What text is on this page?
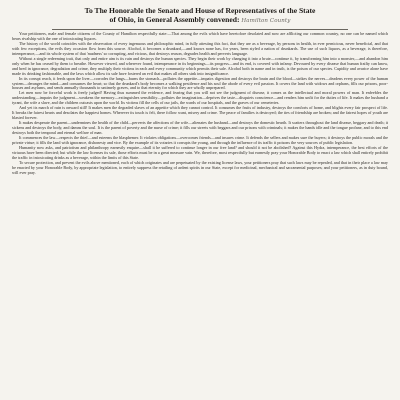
To The Honorable the Senate and House of Representatives of the State
of Ohio, in General Assembly convened: Hamilton County

Your petitioners, male and female citizens of the County of Hamilton respectfully state:—That among the evils which have heretofore desolated and now are afflicting our common country, no one can be named which bears rivalship with the one of intoxicating liquors.

The history of the world coincides with the observation of every ingenuous and philosophic mind, in fully attesting this fact, that they are as a beverage, by persons in health, in ever pernicious, never beneficial, and that with few exceptions, the evils they occasion flow from this source. Alcohol, it becomes a drunkard,—and knows none has, for years, been styled a nation of drunkards. The use of such liquors, as a beverage, is therefore, intemperance,—and its whole system of that 'madness' so corrupting, and vicious, that destroys reason, degrades health and perverts language.

Without a single redeeming trait, that only and entire aim is its ruin and destroys the human species. They begin their work by changing it into a brute—continue it, by transforming him into a monster,—and abandon him only when he has ceased by them to breathe. However viewed, and wherever found, intemperance in its beginnings—its progress—and its end, is covered with infamy. Devoured by every disease that human frailty can know, and bred in ignorance, degradation and crime, they multiply their victims in each and every community which permits their sale. Alcohol both in name and in truth, is the poison of our species. Cupidity and avarice alone have made its drinking fashionable, and the laws which allow its sale have fostered an evil that makes all others sink into insignificance.

In its corrupt reach, it feeds upon the liver—corrodes the lungs—burns the stomach—pollutes the appetite—impairs digestion and destroys the brain and the blood—strikes the nerves—deadens every power of the human system—deranges the mind—and consumes the heart; so that the drunkard's body becomes a walking pestilence and his soul the abode of every evil passion. It covers the land with widows and orphans, fills our prisons, poor-houses and asylums, and sends annually thousands to untimely graves, and to that eternity for which they are wholly unprepared.

Let men now be forceful work is freely judged! Having thus summed the evidence, and fearing that you will not see the judgment of disease, it comes as the intellectual and moral powers of man. It enfeebles the understanding—impairs the judgment—weakens the memory—extinguishes sensibility—pollutes the imagination—deprives the taste—disquiets conscience—and renders him unfit for the duties of life. It makes the husband a tyrant, the wife a slave, and the children outcasts upon the world. Its victims fill the cells of our jails, the wards of our hospitals, and the graves of our cemeteries.

And yet its march of ruin is onward still! It makes men the degraded slaves of an appetite which they cannot control. It consumes the fruits of industry, destroys the comforts of home, and blights every fair prospect of life. It breaks the fairest hearts and desolates the happiest homes. Wherever its touch is felt, there follow want, misery and crime. The peace of families is destroyed; the ties of friendship are broken; and the fairest hopes of youth are blasted forever.

It makes desperate the parent—undermines the health of the child—perverts the affections of the wife—alienates the husband—and destroys the domestic hearth. It scatters throughout the land disease, beggary and death; it sickens and destroys the body, and damns the soul. It is the parent of poverty and the nurse of crime; it fills our streets with beggars and our prisons with criminals; it makes the hands idle and the tongue profane, and to this end destroys both the temporal and eternal welfare of man.

It commences the law—respects the thief—and esteems the blasphemer. It violates obligations—overcomes friends—and insures crime. It defends the sellers and makes sure the buyers; it destroys the public morals and the private virtue; it fills the land with ignorance, dishonesty and vice. By the example of its votaries it corrupts the young, and through the influence of its traffic it poisons the very sources of public legislation.

Humanity now asks, and patriotism and philanthropy earnestly enquire—shall it be suffered to continue longer in our free land? and should it not be abolished? Against this Hydra, intemperance, the best efforts of the virtuous have been directed; but while the law licenses its sale, those efforts must be in a great measure vain. We, therefore, most respectfully but earnestly pray your Honorable Body to enact a law which shall entirely prohibit the traffic in intoxicating drinks as a beverage, within the limits of this State.

To secure protection, and prevent the evils above mentioned, each of which originates and are perpetuated by the existing license laws, your petitioners pray that such laws may be repealed, and that in their place a law may be enacted by your Honorable Body, by appropriate legislation, to entirely suppress the retailing of ardent spirits in our State, except for medicinal, mechanical and sacramental purposes; and your petitioners, as in duty bound, will ever pray.
